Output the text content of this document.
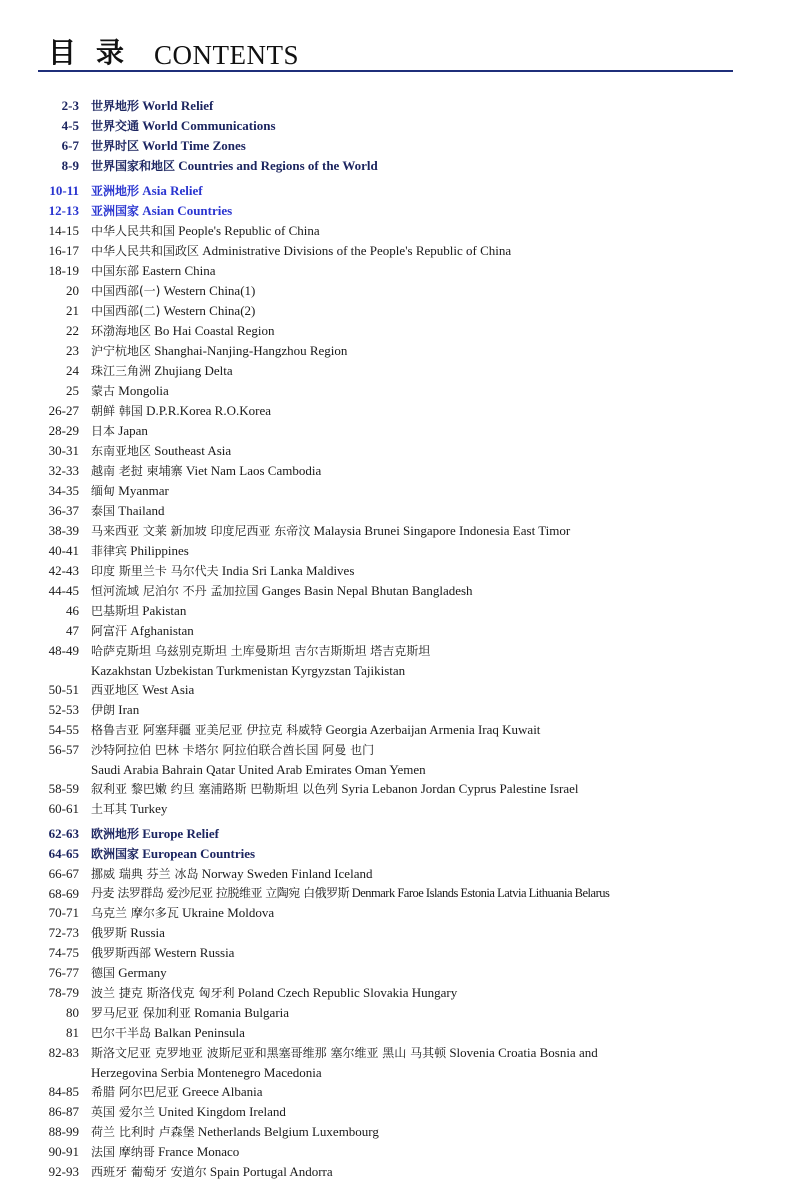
目录 CONTENTS
2-3	世界地形 World Relief
4-5	世界交通 World Communications
6-7	世界时区 World Time Zones
8-9	世界国家和地区 Countries and Regions of the World
10-11	亚洲地形 Asia Relief
12-13	亚洲国家 Asian Countries
14-15	中华人民共和国 People's Republic of China
16-17	中华人民共和国政区 Administrative Divisions of the People's Republic of China
18-19	中国东部 Eastern China
20	中国西部(一) Western China(1)
21	中国西部(二) Western China(2)
22	环渤海地区 Bo Hai Coastal Region
23	沪宁杭地区 Shanghai-Nanjing-Hangzhou Region
24	珠江三角洲 Zhujiang Delta
25	蒙古 Mongolia
26-27	朝鲜 韩国 D.P.R.Korea R.O.Korea
28-29	日本 Japan
30-31	东南亚地区 Southeast Asia
32-33	越南 老挝 柬埔寨 Viet Nam Laos Cambodia
34-35	缅甸 Myanmar
36-37	泰国 Thailand
38-39	马来西亚 文莱 新加坡 印度尼西亚 东帝汶 Malaysia Brunei Singapore Indonesia East Timor
40-41	菲律宾 Philippines
42-43	印度 斯里兰卡 马尔代夫 India Sri Lanka Maldives
44-45	恒河流域 尼泊尔 不丹 孟加拉国 Ganges Basin Nepal Bhutan Bangladesh
46	巴基斯坦 Pakistan
47	阿富汗 Afghanistan
48-49	哈萨克斯坦 乌兹别克斯坦 土库曼斯坦 吉尔吉斯斯坦 塔吉克斯坦
Kazakhstan Uzbekistan Turkmenistan Kyrgyzstan Tajikistan
50-51	西亚地区 West Asia
52-53	伊朗 Iran
54-55	格鲁吉亚 阿塞拜疆 亚美尼亚 伊拉克 科威特 Georgia Azerbaijan Armenia Iraq Kuwait
56-57	沙特阿拉伯 巴林 卡塔尔 阿拉伯联合酋长国 阿曼 也门
Saudi Arabia Bahrain Qatar United Arab Emirates Oman Yemen
58-59	叙利亚 黎巴嫩 约旦 塞浦路斯 巴勒斯坦 以色列 Syria Lebanon Jordan Cyprus Palestine Israel
60-61	土耳其 Turkey
62-63	欧洲地形 Europe Relief
64-65	欧洲国家 European Countries
66-67	挪威 瑞典 芬兰 冰岛 Norway Sweden Finland Iceland
68-69	丹麦 法罗群岛 爱沙尼亚 拉脱维亚 立陶宛 白俄罗斯 Denmark Faroe Islands Estonia Latvia Lithuania Belarus
70-71	乌克兰 摩尔多瓦 Ukraine Moldova
72-73	俄罗斯 Russia
74-75	俄罗斯西部 Western Russia
76-77	德国 Germany
78-79	波兰 捷克 斯洛伐克 匈牙利 Poland Czech Republic Slovakia Hungary
80	罗马尼亚 保加利亚 Romania Bulgaria
81	巴尔干半岛 Balkan Peninsula
82-83	斯洛文尼亚 克罗地亚 波斯尼亚和黑塞哥维那 塞尔维亚 黑山 马其顿 Slovenia Croatia Bosnia and
Herzegovina Serbia Montenegro Macedonia
84-85	希腊 阿尔巴尼亚 Greece Albania
86-87	英国 爱尔兰 United Kingdom Ireland
88-99	荷兰 比利时 卢森堡 Netherlands Belgium Luxembourg
90-91	法国 摩纳哥 France Monaco
92-93	西班牙 葡萄牙 安道尔 Spain Portugal Andorra
